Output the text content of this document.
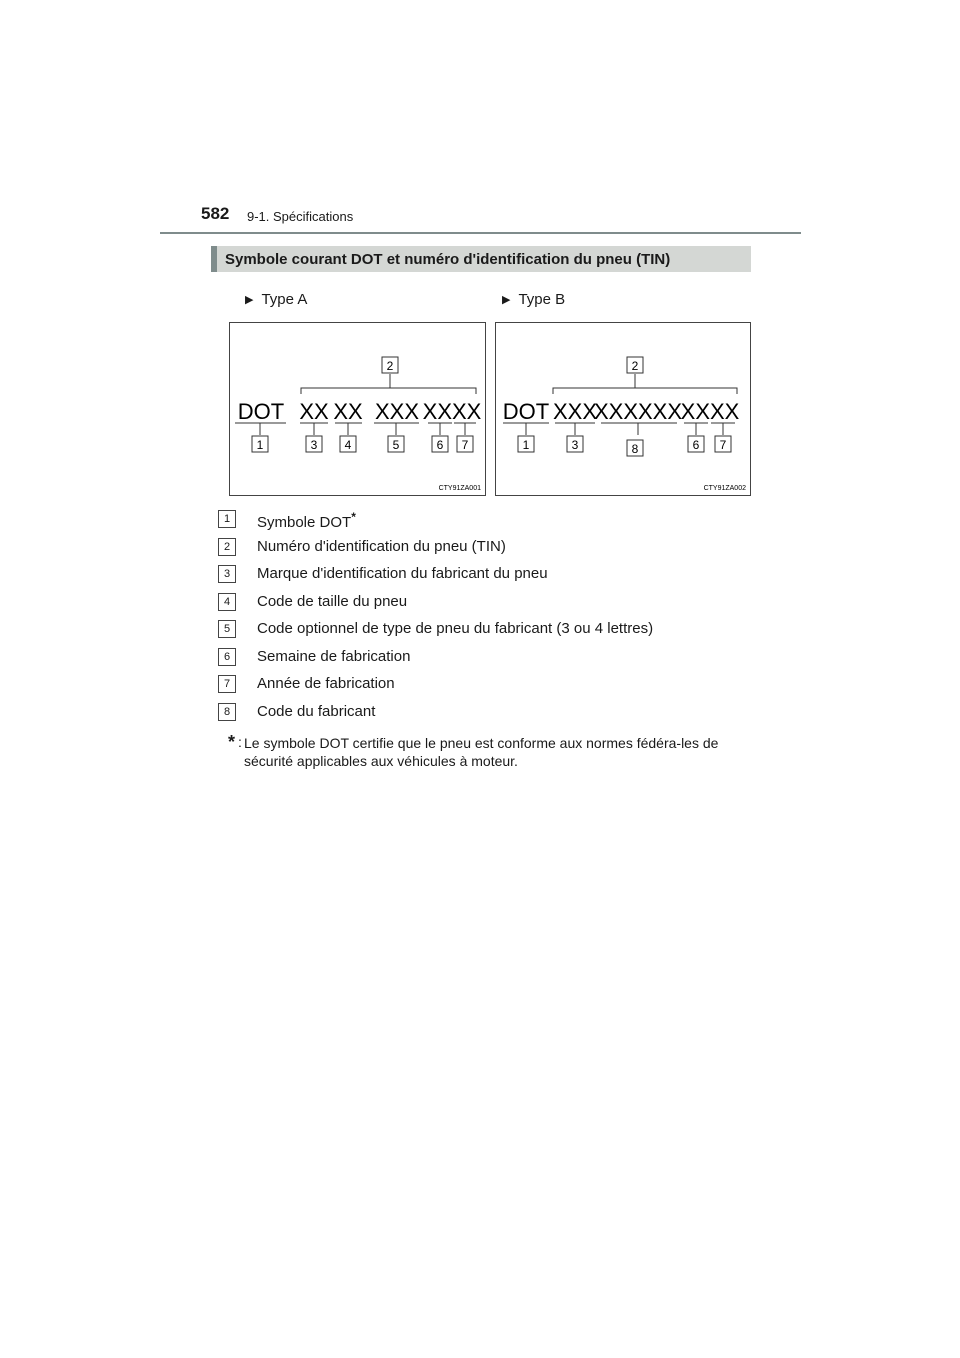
582 9-1. Spécifications
Symbole courant DOT et numéro d'identification du pneu (TIN)
▶ Type A	▶ Type B
2
DOT XX XX XXX XXXX
1	3 4	5	6 7
CTY91ZA001
2
DOT XXX
XXXXXX
XXXX
1	3	8	6 7
CTY91ZA002
1	Symbole DOT*
2	Numéro d'identification du pneu (TIN)
3	Marque d'identification du fabricant du pneu
4	Code de taille du pneu
5	Code optionnel de type de pneu du fabricant (3 ou 4 lettres)
6	Semaine de fabrication
7	Année de fabrication
8	Code du fabricant
* : Le symbole DOT certifie que le pneu est conforme aux normes fédéra-les de sécurité applicables aux véhicules à moteur.
